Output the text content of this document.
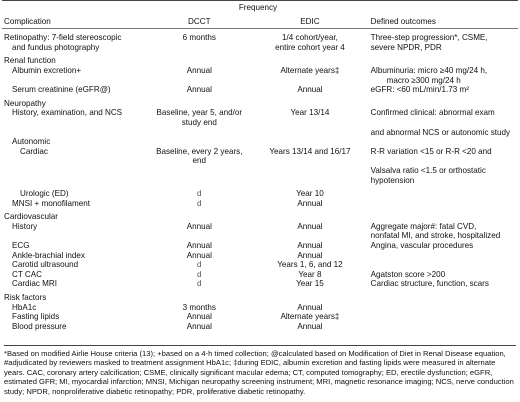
	Frequency		
Complication	DCCT	EDIC	Defined outcomes
Retinopathy: 7-field stereoscopic	6 months	1/4 cohort/year,	Three-step progression*, CSME,
and fundus photography		entire cohort year 4	severe NPDR, PDR
Renal function			
Albumin excretion+	Annual	Alternate years‡	Albuminuria: micro ≥40 mg/24 h,
			macro ≥300 mg/24 h
Serum creatinine (eGFR@)	Annual	Annual	eGFR: <60 mL/min/1.73 m²
Neuropathy			
History, examination, and NCS	Baseline, year 5, and/or study end	Year 13/14	Confirmed clinical: abnormal exam
			and abnormal NCS or autonomic study
Autonomic			
Cardiac	Baseline, every 2 years, end	Years 13/14 and 16/17	R-R variation <15 or R-R <20 and
			Valsalva ratio <1.5 or orthostatic
			hypotension
Urologic (ED)	d	Year 10	
MNSI + monofilament	d	Annual	
Cardiovascular			
History	Annual	Annual	Aggregate major#: fatal CVD,
			nonfatal MI, and stroke, hospitalized
ECG	Annual	Annual	Angina, vascular procedures
Ankle-brachial index	Annual	Annual	
Carotid ultrasound	d	Years 1, 6, and 12	
CT CAC	d	Year 8	Agatston score >200
Cardiac MRI	d	Year 15	Cardiac structure, function, scars
Risk factors			
HbA1c	3 months	Annual	
Fasting lipids	Annual	Alternate years‡	
Blood pressure	Annual	Annual	
*Based on modified Airlie House criteria (13); +based on a 4-h timed collection; @calculated based on Modification of Diet in Renal Disease equation, #adjudicated by reviewers masked to treatment assignment HbA1c; ‡during EDIC, albumin excretion and fasting lipids were measured in alternate years. CAC, coronary artery calcification; CSME, clinically significant macular edema; CT, computed tomography; ED, erectile dysfunction; eGFR, estimated GFR; MI, myocardial infarction; MNSI, Michigan neuropathy screening instrument; MRI, magnetic resonance imaging; NCS, nerve conduction study; NPDR, nonproliferative diabetic retinopathy; PDR, proliferative diabetic retinopathy.
